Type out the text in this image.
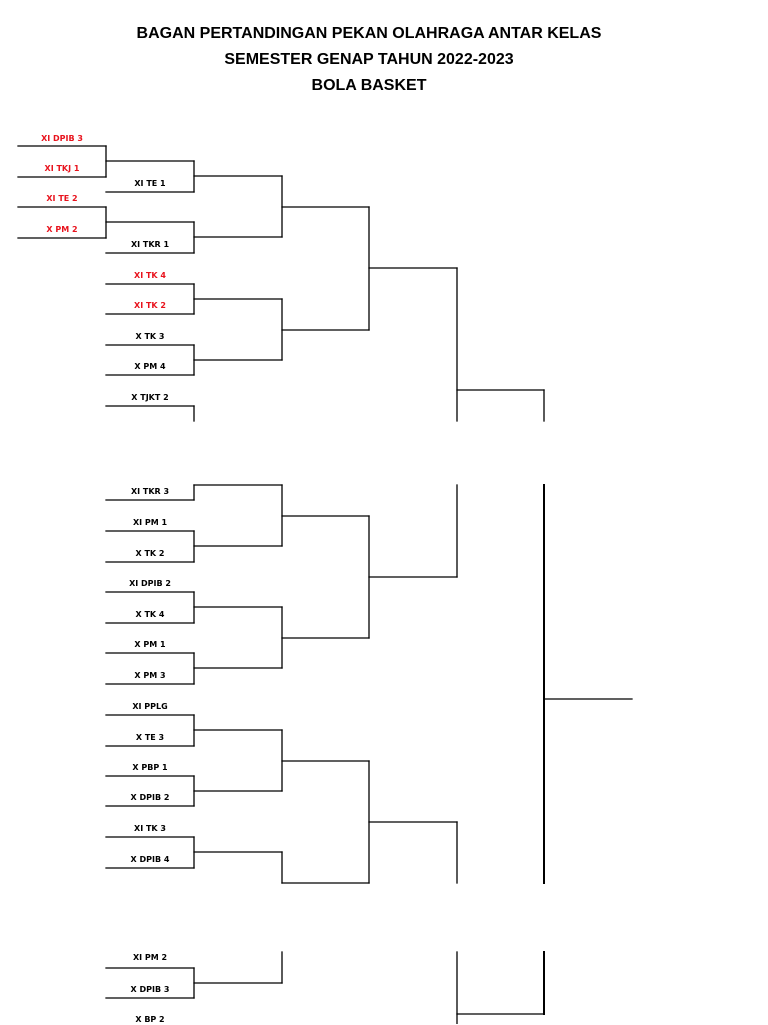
BAGAN PERTANDINGAN PEKAN OLAHRAGA ANTAR KELAS
SEMESTER GENAP TAHUN 2022-2023
BOLA BASKET
XI DPIB 3
XI TKJ 1
XI TE 2
X PM 2
XI TE 1
XI TKR 1
XI TK 4
XI TK 2
X TK 3
X PM 4
X TJKT 2
XI TKR 3
XI PM 1
X TK 2
XI DPIB 2
X TK 4
X PM 1
X PM 3
XI PPLG
X TE 3
X PBP 1
X DPIB 2
XI TK 3
X DPIB 4
XI PM 2
X DPIB 3
X BP 2
